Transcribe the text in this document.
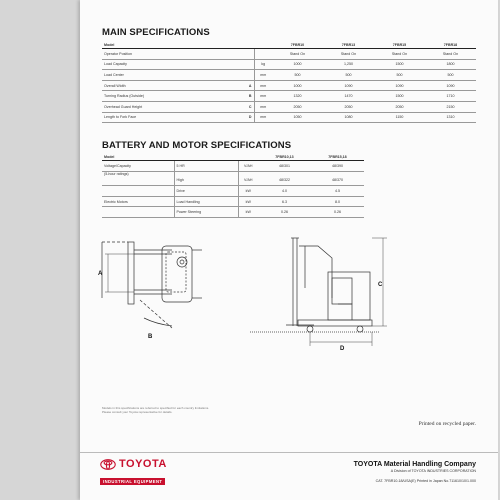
MAIN SPECIFICATIONS
Model			7FBR10	7FBR13	7FBR15	7FBR18
Operator Position			Stand On	Stand On	Stand On	Stand On
Load Capacity		kg	1000	1,250	1500	1800
Load Center		mm	500	500	500	500
Overall Width	A	mm	1000	1090	1090	1090
Turning Radius (Outside)	B	mm	1320	1470	1500	1710
Overhead Guard Height	C	mm	2050	2050	2050	2150
Length to Fork Face	D	mm	1050	1080	1150	1310
BATTERY AND MOTOR SPECIFICATIONS
Model			7FBR10,13	7FBR15,18
Voltage/Capacity	5 HR	V/AH	48/301	48/390
(5-hour ratings)				
	High	V/AH	48/322	48/370
	Drive	kW	4.0	4.5
Electric Motors	Load Handling	kW	6.3	8.0
	Power Steering	kW	0.26	0.26
A
B
C
D
Models in this specifications are referred to specified for each country limitations.
Please consult your Toyota representative for details.
Printed on recycled paper.
TOYOTA
INDUSTRIAL EQUIPMENT
TOYOTA Material Handling Company
A Division of TOYOTA INDUSTRIES CORPORATION
CAT. 7FBR10-18/USA(E) Printed in Japan No.711610/10/1.000
